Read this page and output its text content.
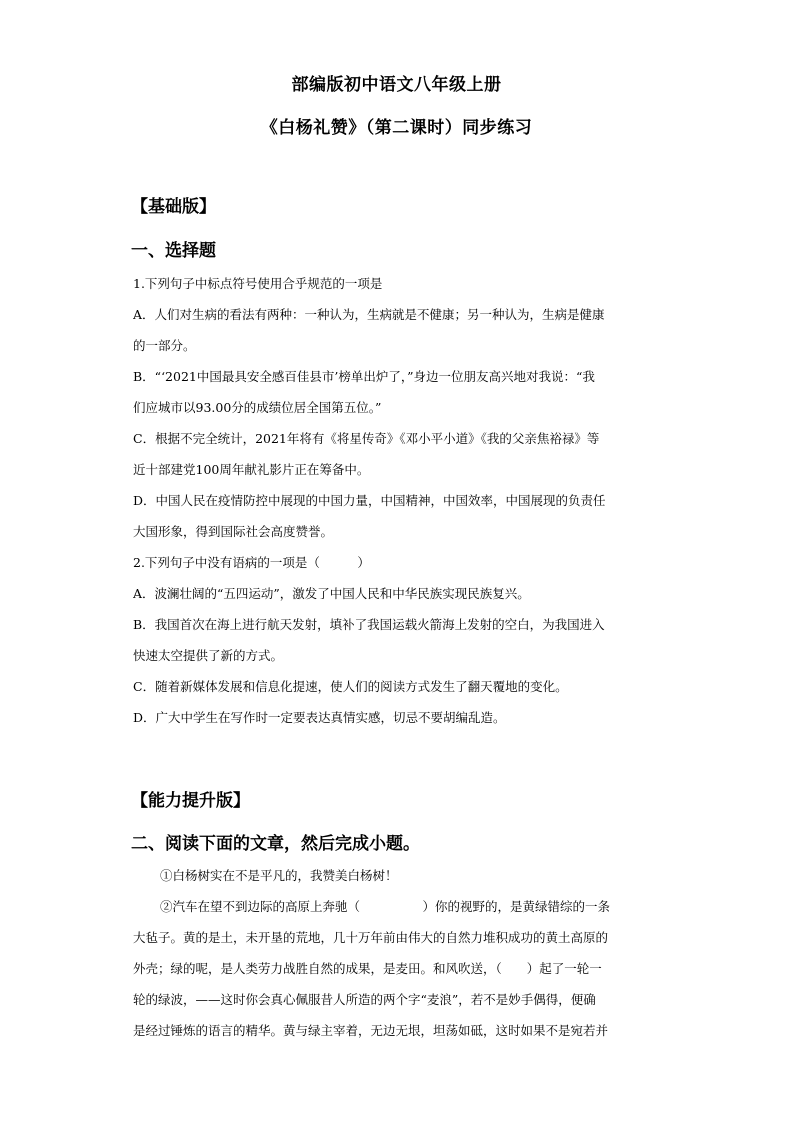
部编版初中语文八年级上册
《白杨礼赞》（第二课时）同步练习
【基础版】
一、选择题
1.下列句子中标点符号使用合乎规范的一项是
A．人们对生病的看法有两种：一种认为，生病就是不健康；另一种认为，生病是健康
的一部分。
B．“‘2021中国最具安全感百佳县市’榜单出炉了，”身边一位朋友高兴地对我说：“我
们应城市以93.00分的成绩位居全国第五位。”
C．根据不完全统计，2021年将有《将星传奇》《邓小平小道》《我的父亲焦裕禄》等
近十部建党100周年献礼影片正在筹备中。
D．中国人民在疫情防控中展现的中国力量，中国精神，中国效率，中国展现的负责任
大国形象，得到国际社会高度赞誉。
2.下列句子中没有语病的一项是（　　　）
A．波澜壮阔的“五四运动”，激发了中国人民和中华民族实现民族复兴。
B．我国首次在海上进行航天发射，填补了我国运载火箭海上发射的空白，为我国进入
快速太空提供了新的方式。
C．随着新媒体发展和信息化提速，使人们的阅读方式发生了翻天覆地的变化。
D．广大中学生在写作时一定要表达真情实感，切忌不要胡编乱造。
【能力提升版】
二、阅读下面的文章，然后完成小题。
①白杨树实在不是平凡的，我赞美白杨树！
②汽车在望不到边际的高原上奔驰（　　　　　）你的视野的，是黄绿错综的一条
大毡子。黄的是土，未开垦的荒地，几十万年前由伟大的自然力堆积成功的黄土高原的
外壳；绿的呢，是人类劳力战胜自然的成果，是麦田。和风吹送，（　　）起了一轮一
轮的绿波，——这时你会真心佩服昔人所造的两个字“麦浪”，若不是妙手偶得，便确
是经过锤炼的语言的精华。黄与绿主宰着，无边无垠，坦荡如砥，这时如果不是宛若并
